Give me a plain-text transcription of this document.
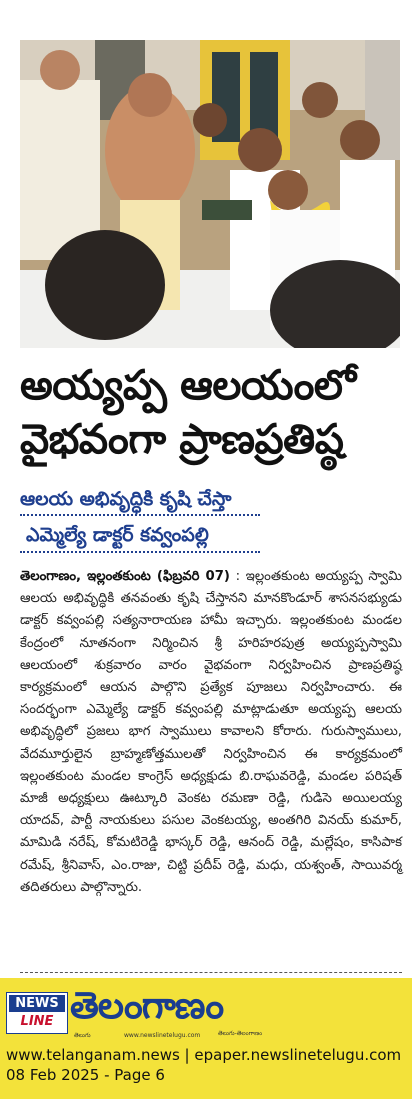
అయ్యప్ప ఆలయంలో
వైభవంగా ప్రాణప్రతిష్ఠ
ఆలయ అభివృద్ధికి కృషి చేస్తా
ఎమ్మెల్యే డాక్టర్ కవ్వంపల్లి
తెలంగాణం, ఇల్లంతకుంట (ఫిబ్రవరి 07) : ఇల్లంతకుంట అయ్యప్ప స్వామి ఆలయ అభివృద్ధికి తనవంతు కృషి చేస్తానని మానకొండూర్ శాసనసభ్యుడు డాక్టర్ కవ్వంపల్లి సత్యనారాయణ హామీ ఇచ్చారు. ఇల్లంతకుంట మండల కేంద్రంలో నూతనంగా నిర్మించిన శ్రీ హరిహరపుత్ర అయ్యప్పస్వామి ఆలయంలో శుక్రవారం వారం వైభవంగా నిర్వహించిన ప్రాణప్రతిష్ఠ కార్యక్రమంలో ఆయన పాల్గొని ప్రత్యేక పూజలు నిర్వహించారు. ఈ సందర్భంగా ఎమ్మెల్యే డాక్టర్ కవ్వంపల్లి మాట్లాడుతూ అయ్యప్ప ఆలయ అభివృద్ధిలో ప్రజలు భాగ స్వాములు కావాలని కోరారు. గురుస్వాములు, వేదమూర్తులైన బ్రాహ్మణోత్తములతో నిర్వహించిన ఈ కార్యక్రమంలో ఇల్లంతకుంట మండల కాంగ్రెస్ అధ్యక్షుడు బి.రాఘవరెడ్డి, మండల పరిషత్ మాజీ అధ్యక్షులు ఊట్కూరి వెంకట రమణా రెడ్డి, గుడిసె అయిలయ్య యాదవ్, పార్టీ నాయకులు పసుల వెంకటయ్య, అంతగిరి వినయ్ కుమార్, మామిడి నరేష్, కోమటిరెడ్డి భాస్కర్ రెడ్డి, ఆనంద్ రెడ్డి, మల్లేషం, కాసిపాక రమేష్, శ్రీనివాస్, ఎం.రాజు, చిట్టి ప్రదీప్ రెడ్డి, మధు, యశ్వంత్, సాయివర్మ తదితరులు పాల్గొన్నారు.
NEWS
LINE తెలంగాణం
తెలుగు	www.newslinetelugu.com	తెలుగు-తెలంగాణం
www.telanganam.news | epaper.newslinetelugu.com
08 Feb 2025 - Page 6
